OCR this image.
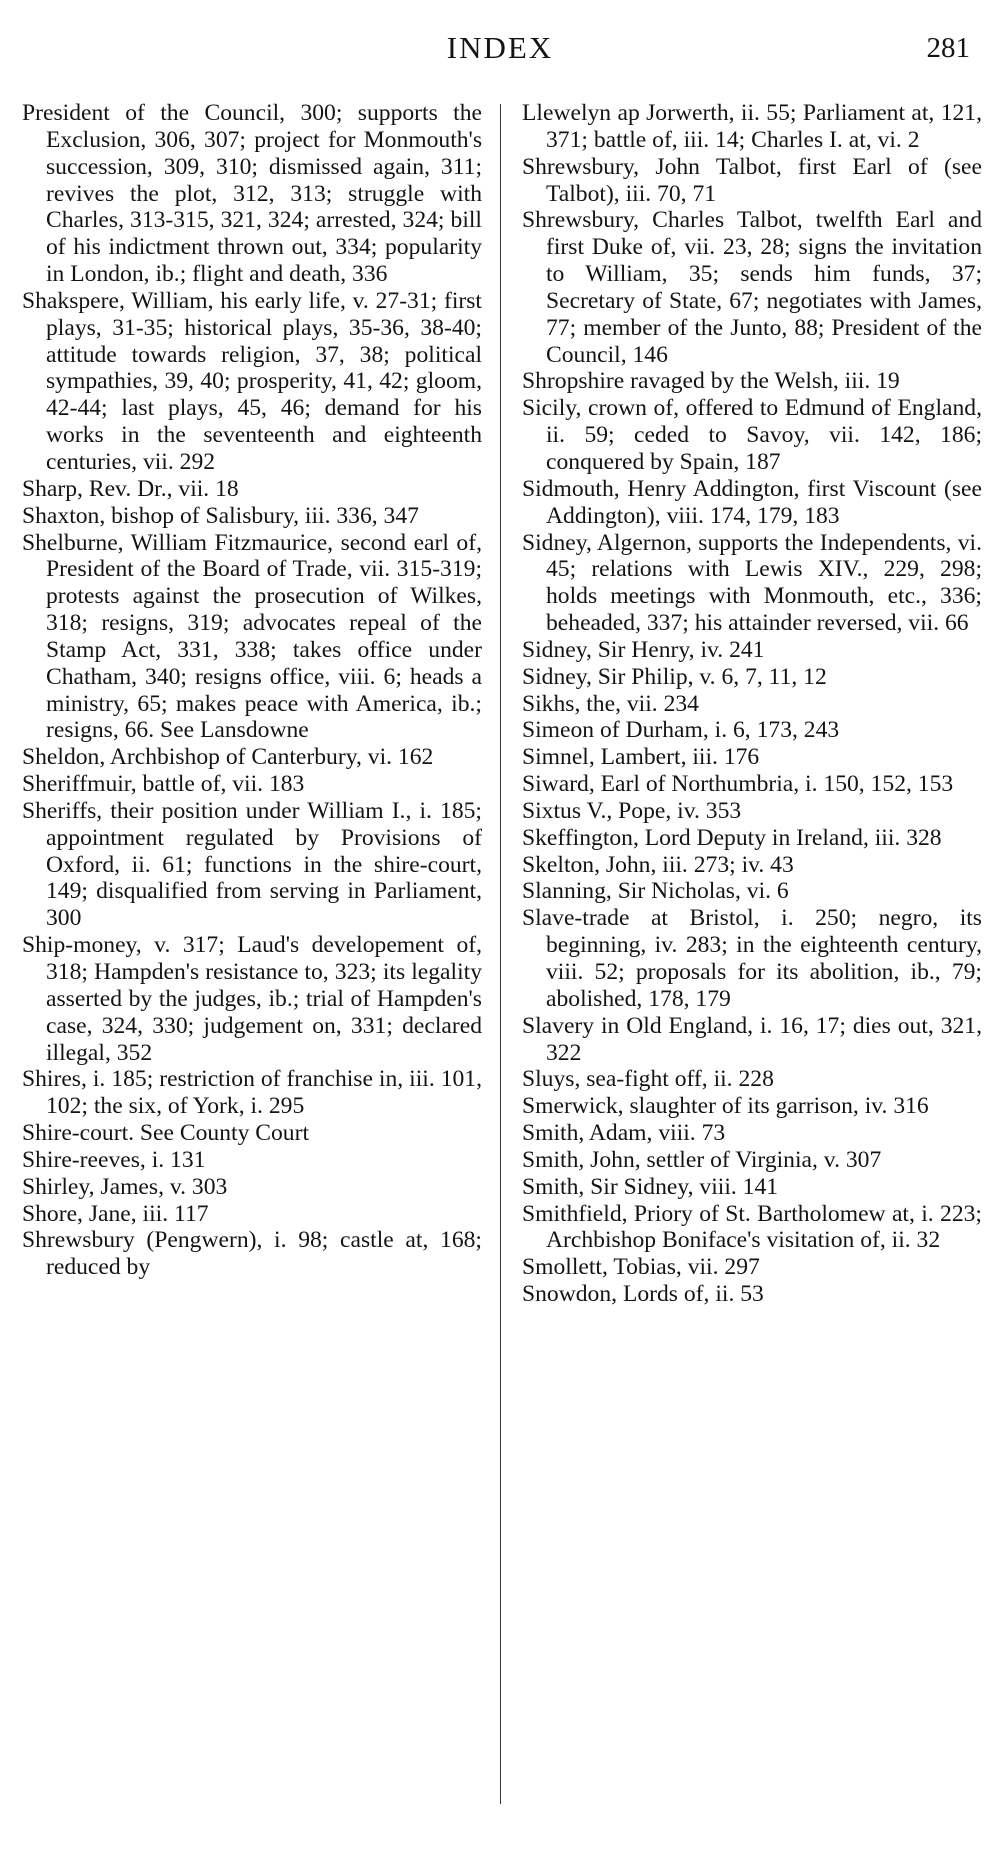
INDEX	281

President of the Council, 300; supports the Exclusion, 306, 307; project for Monmouth's succession, 309, 310; dismissed again, 311; revives the plot, 312, 313; struggle with Charles, 313-315, 321, 324; arrested, 324; bill of his indictment thrown out, 334; popularity in London, ib.; flight and death, 336

Shakspere, William, his early life, v. 27-31; first plays, 31-35; historical plays, 35-36, 38-40; attitude towards religion, 37, 38; political sympathies, 39, 40; prosperity, 41, 42; gloom, 42-44; last plays, 45, 46; demand for his works in the seventeenth and eighteenth centuries, vii. 292

Sharp, Rev. Dr., vii. 18

Shaxton, bishop of Salisbury, iii. 336, 347

Shelburne, William Fitzmaurice, second earl of, President of the Board of Trade, vii. 315-319; protests against the prosecution of Wilkes, 318; resigns, 319; advocates repeal of the Stamp Act, 331, 338; takes office under Chatham, 340; resigns office, viii. 6; heads a ministry, 65; makes peace with America, ib.; resigns, 66. See Lansdowne

Sheldon, Archbishop of Canterbury, vi. 162

Sheriffmuir, battle of, vii. 183

Sheriffs, their position under William I., i. 185; appointment regulated by Provisions of Oxford, ii. 61; functions in the shire-court, 149; disqualified from serving in Parliament, 300

Ship-money, v. 317; Laud's developement of, 318; Hampden's resistance to, 323; its legality asserted by the judges, ib.; trial of Hampden's case, 324, 330; judgement on, 331; declared illegal, 352

Shires, i. 185; restriction of franchise in, iii. 101, 102; the six, of York, i. 295

Shire-court. See County Court

Shire-reeves, i. 131

Shirley, James, v. 303

Shore, Jane, iii. 117

Shrewsbury (Pengwern), i. 98; castle at, 168; reduced by

Llewelyn ap Jorwerth, ii. 55; Parliament at, 121, 371; battle of, iii. 14; Charles I. at, vi. 2

Shrewsbury, John Talbot, first Earl of (see Talbot), iii. 70, 71

Shrewsbury, Charles Talbot, twelfth Earl and first Duke of, vii. 23, 28; signs the invitation to William, 35; sends him funds, 37; Secretary of State, 67; negotiates with James, 77; member of the Junto, 88; President of the Council, 146

Shropshire ravaged by the Welsh, iii. 19

Sicily, crown of, offered to Edmund of England, ii. 59; ceded to Savoy, vii. 142, 186; conquered by Spain, 187

Sidmouth, Henry Addington, first Viscount (see Addington), viii. 174, 179, 183

Sidney, Algernon, supports the Independents, vi. 45; relations with Lewis XIV., 229, 298; holds meetings with Monmouth, etc., 336; beheaded, 337; his attainder reversed, vii. 66

Sidney, Sir Henry, iv. 241

Sidney, Sir Philip, v. 6, 7, 11, 12

Sikhs, the, vii. 234

Simeon of Durham, i. 6, 173, 243

Simnel, Lambert, iii. 176

Siward, Earl of Northumbria, i. 150, 152, 153

Sixtus V., Pope, iv. 353

Skeffington, Lord Deputy in Ireland, iii. 328

Skelton, John, iii. 273; iv. 43

Slanning, Sir Nicholas, vi. 6

Slave-trade at Bristol, i. 250; negro, its beginning, iv. 283; in the eighteenth century, viii. 52; proposals for its abolition, ib., 79; abolished, 178, 179

Slavery in Old England, i. 16, 17; dies out, 321, 322

Sluys, sea-fight off, ii. 228

Smerwick, slaughter of its garrison, iv. 316

Smith, Adam, viii. 73

Smith, John, settler of Virginia, v. 307

Smith, Sir Sidney, viii. 141

Smithfield, Priory of St. Bartholomew at, i. 223; Archbishop Boniface's visitation of, ii. 32

Smollett, Tobias, vii. 297

Snowdon, Lords of, ii. 53
